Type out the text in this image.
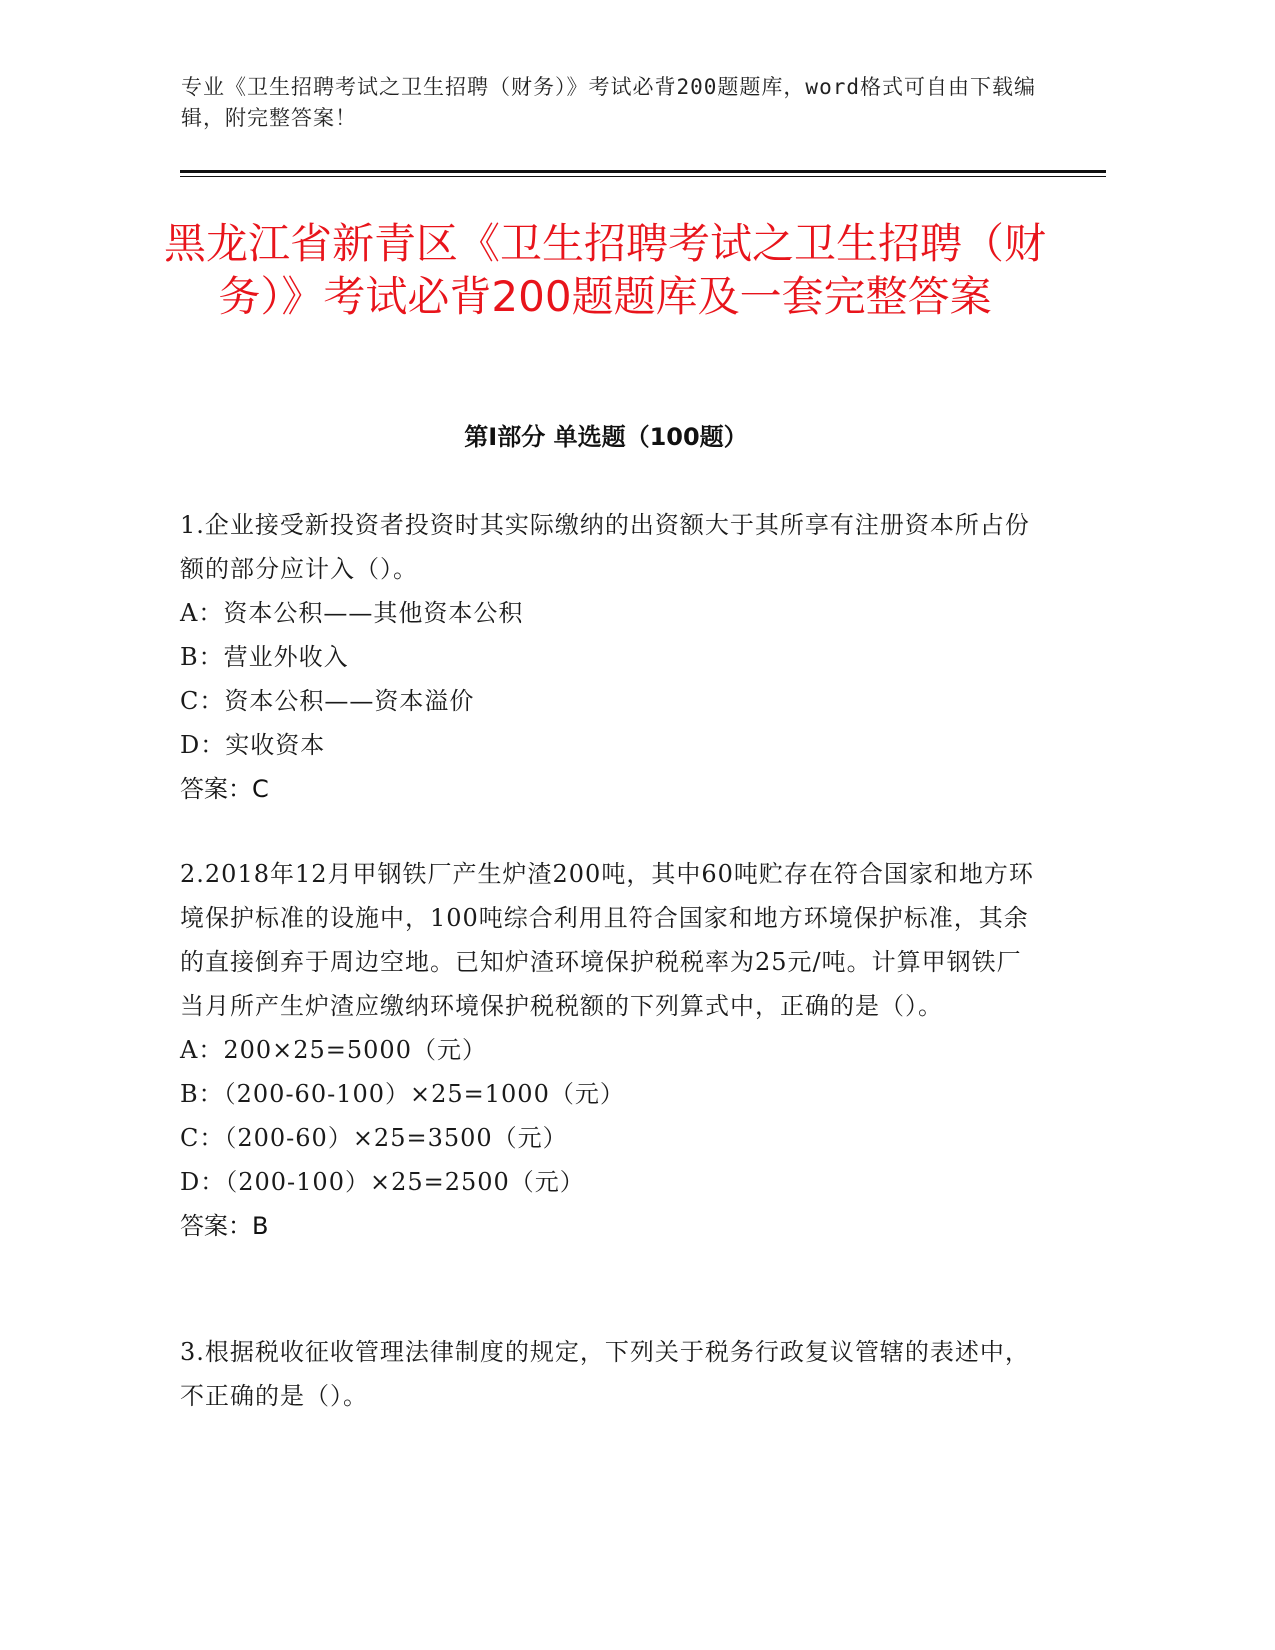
专业《卫生招聘考试之卫生招聘（财务）》考试必背200题题库，word格式可自由下载编辑，附完整答案！
黑龙江省新青区《卫生招聘考试之卫生招聘（财务）》考试必背200题题库及一套完整答案
第Ⅰ部分 单选题（100题）

1.企业接受新投资者投资时其实际缴纳的出资额大于其所享有注册资本所占份额的部分应计入（）。

A：资本公积——其他资本公积

B：营业外收入

C：资本公积——资本溢价

D：实收资本

答案：C

2.2018年12月甲钢铁厂产生炉渣200吨，其中60吨贮存在符合国家和地方环境保护标准的设施中，100吨综合利用且符合国家和地方环境保护标准，其余的直接倒弃于周边空地。已知炉渣环境保护税税率为25元/吨。计算甲钢铁厂当月所产生炉渣应缴纳环境保护税税额的下列算式中，正确的是（）。

A：200×25=5000（元）

B：（200-60-100）×25=1000（元）

C：（200-60）×25=3500（元）

D：（200-100）×25=2500（元）

答案：B

3.根据税收征收管理法律制度的规定，下列关于税务行政复议管辖的表述中，不正确的是（）。
